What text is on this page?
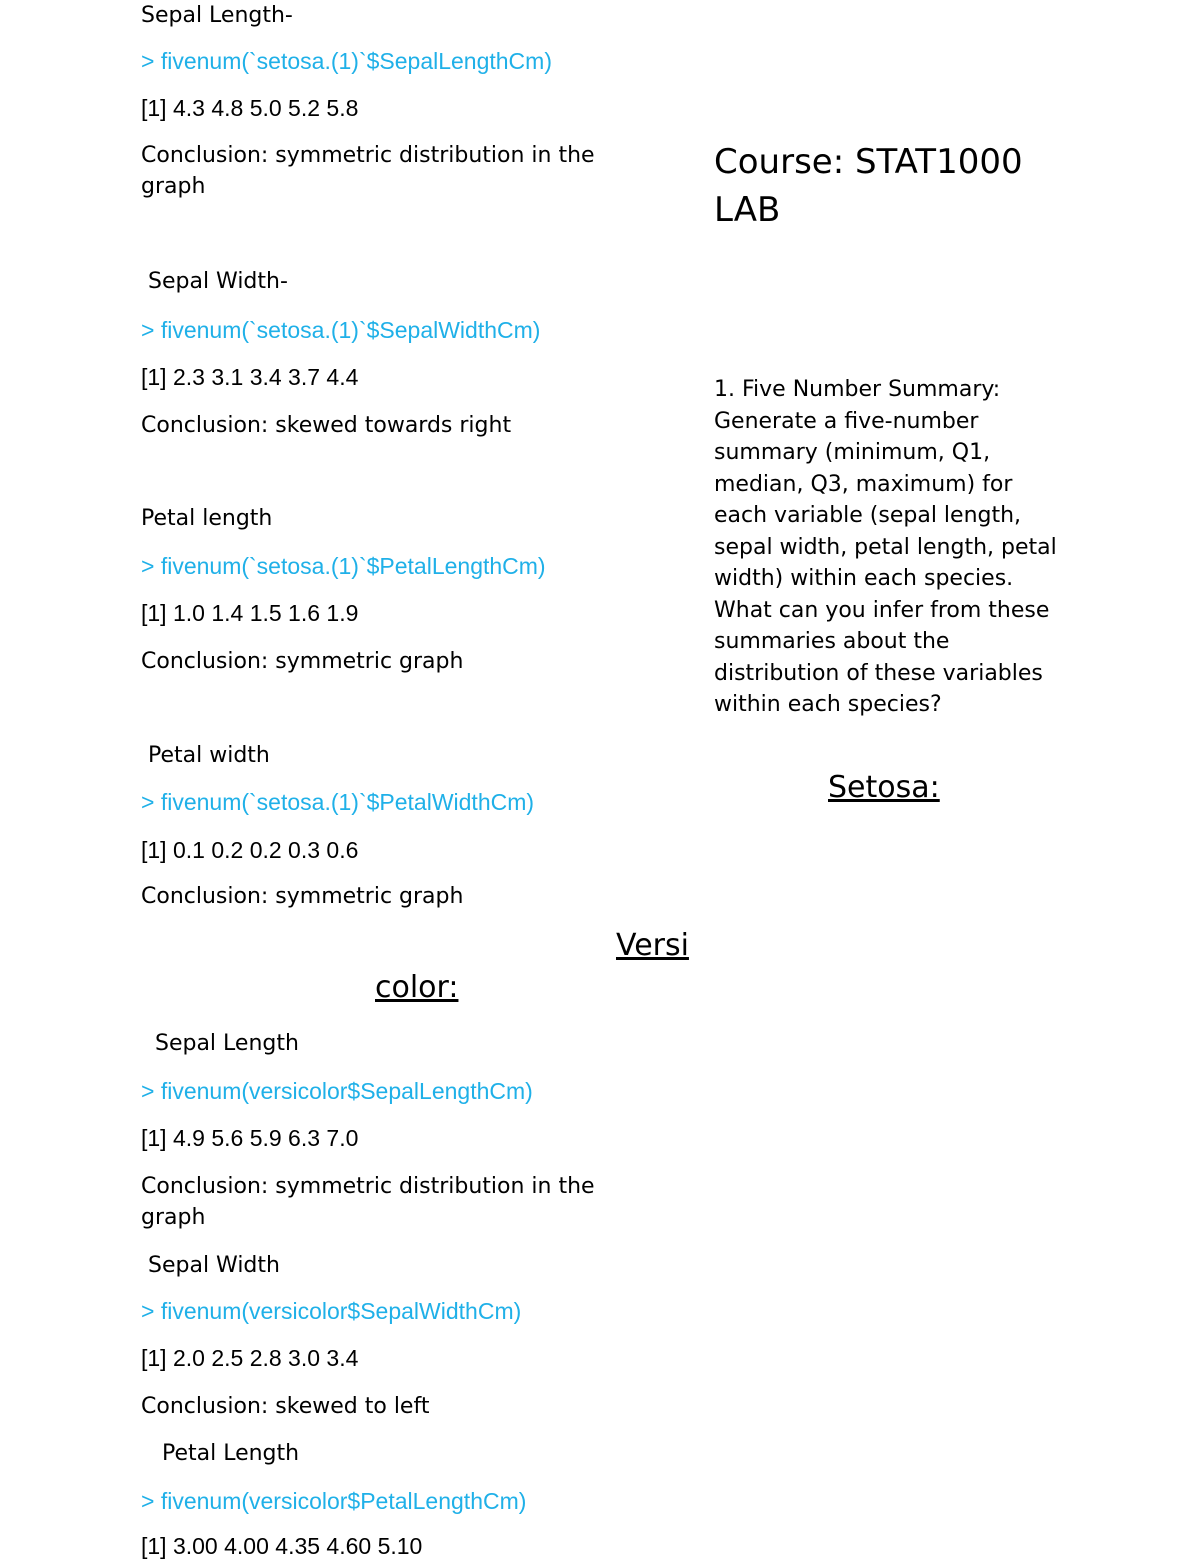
Sepal Length-
> fivenum(`setosa.(1)`$SepalLengthCm)
[1] 4.3 4.8 5.0 5.2 5.8
Conclusion: symmetric distribution in the graph
Sepal Width-
> fivenum(`setosa.(1)`$SepalWidthCm)
[1] 2.3 3.1 3.4 3.7 4.4
Conclusion: skewed towards right
Petal length
> fivenum(`setosa.(1)`$PetalLengthCm)
[1] 1.0 1.4 1.5 1.6 1.9
Conclusion: symmetric graph
Petal width
> fivenum(`setosa.(1)`$PetalWidthCm)
[1] 0.1 0.2 0.2 0.3 0.6
Conclusion: symmetric graph
Versi
color:
Sepal Length
> fivenum(versicolor$SepalLengthCm)
[1] 4.9 5.6 5.9 6.3 7.0
Conclusion: symmetric distribution in the graph
Sepal Width
> fivenum(versicolor$SepalWidthCm)
[1] 2.0 2.5 2.8 3.0 3.4
Conclusion: skewed to left
Petal Length
> fivenum(versicolor$PetalLengthCm)
[1] 3.00 4.00 4.35 4.60 5.10
Course: STAT1000 LAB
1. Five Number Summary: Generate a five-number summary (minimum, Q1, median, Q3, maximum) for each variable (sepal length, sepal width, petal length, petal width) within each species. What can you infer from these summaries about the distribution of these variables within each species?
Setosa:
